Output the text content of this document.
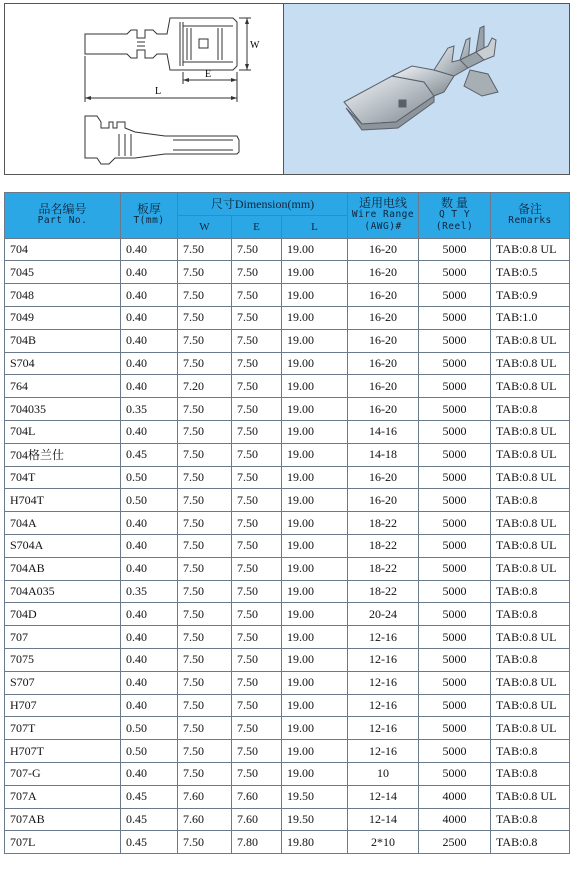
W
E
L
品名编号
Part No.	板厚
T(mm)	尺寸Dimension(mm)			适用电线
Wire Range
(AWG)#	数 量
Q T Y
(Reel)	备注
Remarks

		W	E	L			
704	0.40	7.50	7.50	19.00	16-20	5000	TAB:0.8 UL
7045	0.40	7.50	7.50	19.00	16-20	5000	TAB:0.5
7048	0.40	7.50	7.50	19.00	16-20	5000	TAB:0.9
7049	0.40	7.50	7.50	19.00	16-20	5000	TAB:1.0
704B	0.40	7.50	7.50	19.00	16-20	5000	TAB:0.8 UL
S704	0.40	7.50	7.50	19.00	16-20	5000	TAB:0.8 UL
764	0.40	7.20	7.50	19.00	16-20	5000	TAB:0.8 UL
704035	0.35	7.50	7.50	19.00	16-20	5000	TAB:0.8
704L	0.40	7.50	7.50	19.00	14-16	5000	TAB:0.8 UL
704格兰仕	0.45	7.50	7.50	19.00	14-18	5000	TAB:0.8 UL
704T	0.50	7.50	7.50	19.00	16-20	5000	TAB:0.8 UL
H704T	0.50	7.50	7.50	19.00	16-20	5000	TAB:0.8
704A	0.40	7.50	7.50	19.00	18-22	5000	TAB:0.8 UL
S704A	0.40	7.50	7.50	19.00	18-22	5000	TAB:0.8 UL
704AB	0.40	7.50	7.50	19.00	18-22	5000	TAB:0.8 UL
704A035	0.35	7.50	7.50	19.00	18-22	5000	TAB:0.8
704D	0.40	7.50	7.50	19.00	20-24	5000	TAB:0.8
707	0.40	7.50	7.50	19.00	12-16	5000	TAB:0.8 UL
7075	0.40	7.50	7.50	19.00	12-16	5000	TAB:0.8
S707	0.40	7.50	7.50	19.00	12-16	5000	TAB:0.8 UL
H707	0.40	7.50	7.50	19.00	12-16	5000	TAB:0.8 UL
707T	0.50	7.50	7.50	19.00	12-16	5000	TAB:0.8 UL
H707T	0.50	7.50	7.50	19.00	12-16	5000	TAB:0.8
707-G	0.40	7.50	7.50	19.00	10	5000	TAB:0.8
707A	0.45	7.60	7.60	19.50	12-14	4000	TAB:0.8 UL
707AB	0.45	7.60	7.60	19.50	12-14	4000	TAB:0.8
707L	0.45	7.50	7.80	19.80	2*10	2500	TAB:0.8
